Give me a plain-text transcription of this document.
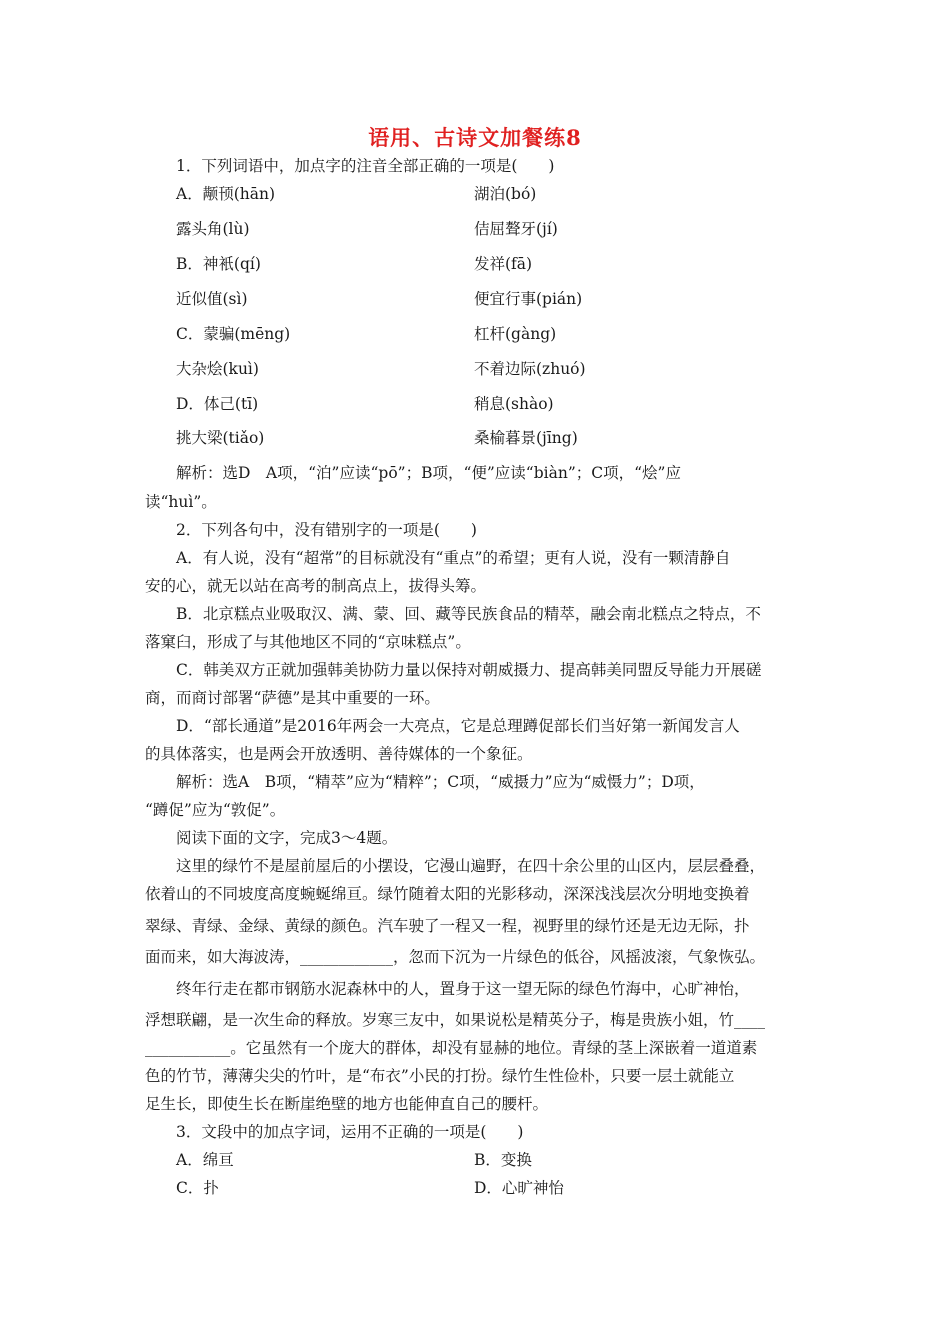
语用、古诗文加餐练8
1．下列词语中，加点字的注音全部正确的一项是(　　)
A．颟顸(hān)	湖泊(bó)
露头角(lù)	佶屈聱牙(jí)
B．神衹(qí)	发祥(fā)
近似值(sì)	便宜行事(pián)
C．蒙骗(mēng)	杠杆(gàng)
大杂烩(kuì)	不着边际(zhuó)
D．体己(tī)	稍息(shào)
挑大梁(tiǎo)	桑榆暮景(jīng)
解析：选D　A项，“泊”应读“pō”；B项，“便”应读“biàn”；C项，“烩”应
读“huì”。
2．下列各句中，没有错别字的一项是(　　)
A．有人说，没有“超常”的目标就没有“重点”的希望；更有人说，没有一颗清静自
安的心，就无以站在高考的制高点上，拔得头筹。
B．北京糕点业吸取汉、满、蒙、回、藏等民族食品的精萃，融会南北糕点之特点，不
落窠臼，形成了与其他地区不同的“京味糕点”。
C．韩美双方正就加强韩美协防力量以保持对朝威摄力、提高韩美同盟反导能力开展磋
商，而商讨部署“萨德”是其中重要的一环。
D．“部长通道”是2016年两会一大亮点，它是总理蹲促部长们当好第一新闻发言人
的具体落实，也是两会开放透明、善待媒体的一个象征。
解析：选A　B项，“精萃”应为“精粹”；C项，“威摄力”应为“威慑力”；D项，
“蹲促”应为“敦促”。
阅读下面的文字，完成3～4题。
这里的绿竹不是屋前屋后的小摆设，它漫山遍野，在四十余公里的山区内，层层叠叠，
依着山的不同坡度高度蜿蜒绵亘。绿竹随着太阳的光影移动，深深浅浅层次分明地变换着
翠绿、青绿、金绿、黄绿的颜色。汽车驶了一程又一程，视野里的绿竹还是无边无际，扑
面而来，如大海波涛，____________，忽而下沉为一片绿色的低谷，风摇波滚，气象恢弘。
终年行走在都市钢筋水泥森林中的人，置身于这一望无际的绿色竹海中，心旷神怡，
浮想联翩，是一次生命的释放。岁寒三友中，如果说松是精英分子，梅是贵族小姐，竹____
___________。它虽然有一个庞大的群体，却没有显赫的地位。青绿的茎上深嵌着一道道素
色的竹节，薄薄尖尖的竹叶，是“布衣”小民的打扮。绿竹生性俭朴，只要一层土就能立
足生长，即使生长在断崖绝壁的地方也能伸直自己的腰杆。
3．文段中的加点字词，运用不正确的一项是(　　)
A．绵亘	B．变换
C．扑	D．心旷神怡
